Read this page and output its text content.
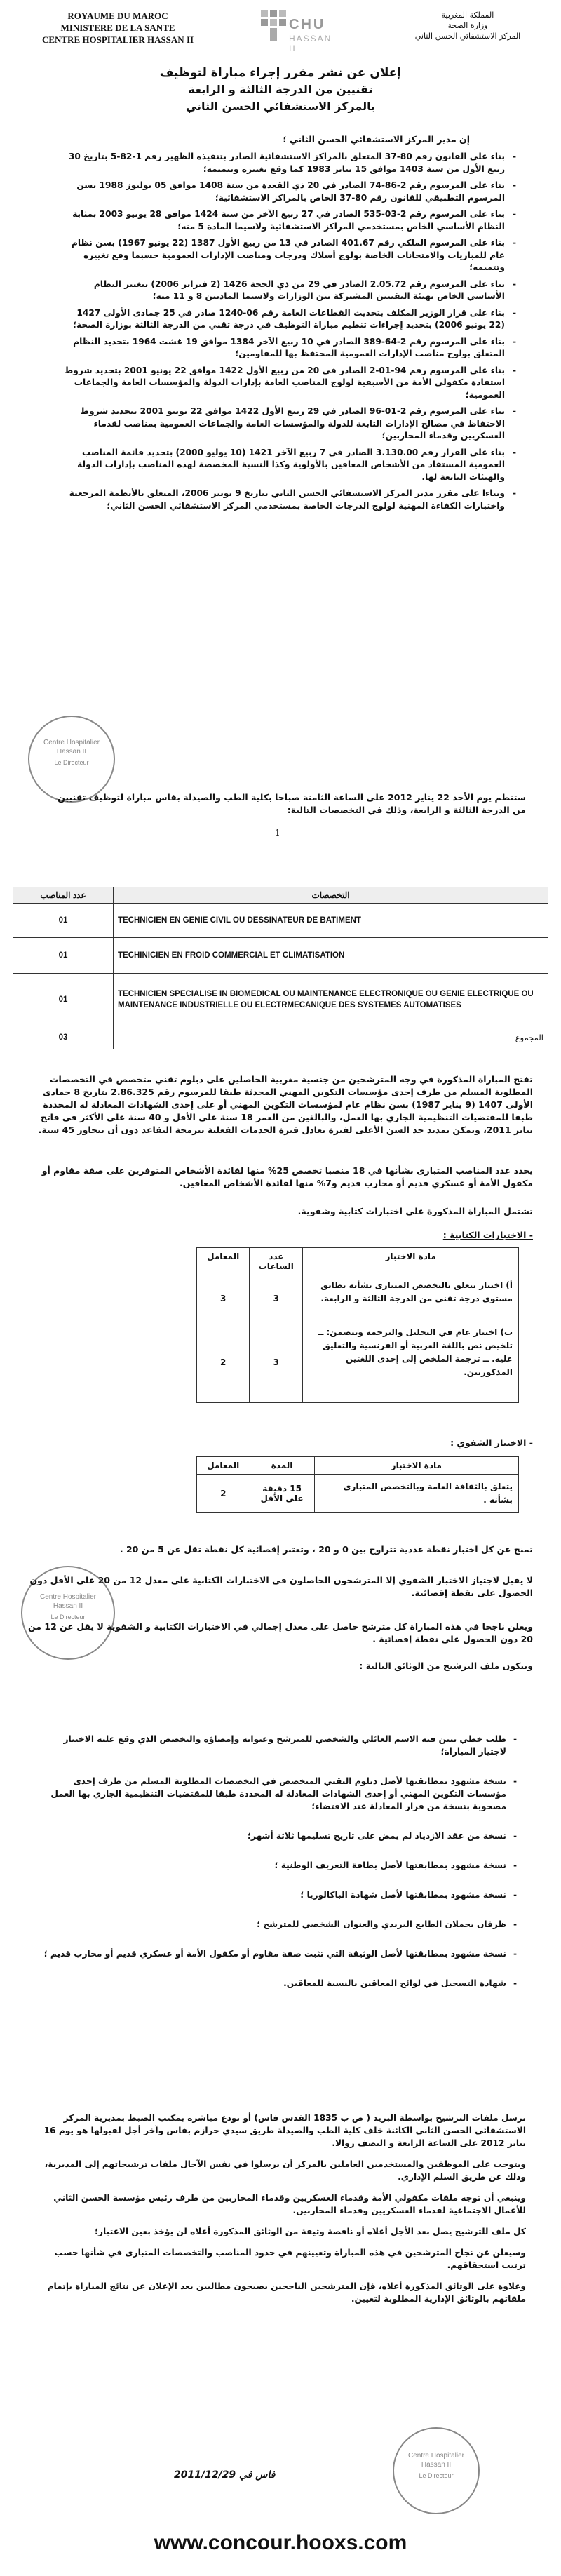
ROYAUME DU MAROC
MINISTERE DE LA SANTE
CENTRE HOSPITALIER HASSAN II
CHU
HASSAN II
المملكة المغربية
وزارة الصحة
المركز الاستشفائي الحسن الثاني
إعلان عن نشر مقرر إجراء مباراة لتوظيف
تقنيين من الدرجة الثالثة و الرابعة
بالمركز الاستشفائي الحسن الثاني
إن مدير المركز الاستشفائي الحسن الثاني ؛
- بناء على القانون رقم 80-37 المتعلق بالمراكز الاستشفائية الصادر بتنفيذه الظهير رقم 1-82-5 بتاريخ 30 ربيع الأول من سنة 1403 موافق 15 يناير 1983 كما وقع تغييره وتتميمه؛
- بناء على المرسوم رقم 2-86-74 الصادر في 20 ذي القعدة من سنة 1408 موافق 05 يوليوز 1988 بسن المرسوم التطبيقي للقانون رقم 80-37 الخاص بالمراكز الاستشفائية؛
- بناء على المرسوم رقم 2-03-535 الصادر في 27 ربيع الآخر من سنة 1424 موافق 28 يونيو 2003 بمثابة النظام الأساسي الخاص بمستخدمي المراكز الاستشفائية ولاسيما المادة 5 منه؛
- بناء على المرسوم الملكي رقم 401.67 الصادر في 13 من ربيع الأول 1387 (22 يونيو 1967) بسن نظام عام للمباريات والامتحانات الخاصة بولوج أسلاك ودرجات ومناصب الإدارات العمومية حسبما وقع تغييره وتتميمه؛
- بناء على المرسوم رقم 2.05.72 الصادر في 29 من ذي الحجة 1426 (2 فبراير 2006) بتغيير النظام الأساسي الخاص بهيئة التقنيين المشتركة بين الوزارات ولاسيما المادتين 8 و 11 منه؛
- بناء على قرار الوزير المكلف بتحديث القطاعات العامة رقم 06-1240 صادر في 25 جمادى الأولى 1427 (22 يونيو 2006) بتحديد إجراءات تنظيم مباراة التوظيف في درجة تقني من الدرجة الثالثة بوزارة الصحة؛
- بناء على المرسوم رقم 2-64-389 الصادر في 10 ربيع الآخر 1384 موافق 19 غشت 1964 بتحديد النظام المتعلق بولوج مناصب الإدارات العمومية المحتفظ بها للمقاومين؛
- بناء على المرسوم رقم 94-01-2 الصادر في 20 من ربيع الأول 1422 موافق 22 يونيو 2001 بتحديد شروط استفادة مكفولي الأمة من الأسبقية لولوج المناصب العامة بإدارات الدولة والمؤسسات العامة والجماعات العمومية؛
- بناء على المرسوم رقم 2-01-96 الصادر في 29 ربيع الأول 1422 موافق 22 يونيو 2001 بتحديد شروط الاحتفاظ في مصالح الإدارات التابعة للدولة والمؤسسات العامة والجماعات العمومية بمناصب لقدماء العسكريين وقدماء المحاربين؛
- بناء على القرار رقم 3.130.00 الصادر في 7 ربيع الآخر 1421 (10 يوليو 2000) بتحديد قائمة المناصب العمومية المستفاد من الأشخاص المعاقين بالأولوية وكذا النسبة المخصصة لهذه المناصب بإدارات الدولة والهيئات التابعة لها.
- وبناءا على مقرر مدير المركز الاستشفائي الحسن الثاني بتاريخ 9 نونبر 2006، المتعلق بالأنظمة المرجعية واختبارات الكفاءة المهنية لولوج الدرجات الخاصة بمستخدمي المركز الاستشفائي الحسن الثاني؛
Centre Hospitalier Hassan II
Le Directeur
ستنظم يوم الأحد 22 يناير 2012 على الساعة الثامنة صباحا بكلية الطب والصيدلة بفاس مباراة لتوظيف تقنيين من الدرجة الثالثة و الرابعة، وذلك في التخصصات التالية:
1
عدد المناصب	التخصصات
01	TECHNICIEN EN GENIE CIVIL OU DESSINATEUR DE BATIMENT
01	TECHINICIEN EN FROID COMMERCIAL ET CLIMATISATION
01	TECHNICIEN SPECIALISE IN BIOMEDICAL OU MAINTENANCE ELECTRONIQUE OU GENIE ELECTRIQUE OU MAINTENANCE INDUSTRIELLE OU ELECTRMECANIQUE DES SYSTEMES AUTOMATISES
03	المجموع
تفتح المباراة المذكورة في وجه المترشحين من جنسية مغربية الحاصلين على دبلوم تقني متخصص في التخصصات المطلوبة المسلم من طرف إحدى مؤسسات التكوين المهني المحدثة طبقا للمرسوم رقم 2.86.325 بتاريخ 8 جمادى الأولى 1407 (9 يناير 1987) بسن نظام عام لمؤسسات التكوين المهني أو على إحدى الشهادات المعادلة له المحددة طبقا للمقتضيات التنظيمية الجاري بها العمل، والبالغين من العمر 18 سنة على الأقل و 40 سنة على الأكثر في فاتح يناير 2011، ويمكن تمديد حد السن الأعلى لفترة تعادل فترة الخدمات الفعلية ببرمجة التقاعد دون أن يتجاوز 45 سنة.
يحدد عدد المناصب المتبارى بشأنها في 18 منصبا تخصص 25% منها لفائدة الأشخاص المتوفرين على صفة مقاوم أو مكفول الأمة أو عسكري قديم أو محارب قديم و7% منها لفائدة الأشخاص المعاقين.
تشتمل المباراة المذكورة على اختبارات كتابية وشفوية.
- الاختبارات الكتابية :
مادة الاختبار	عدد الساعات	المعامل
أ) اختبار يتعلق بالتخصص المتبارى بشأنه يطابق مستوى درجة تقني من الدرجة الثالثة و الرابعة.	3	3
ب) اختبار عام في التحليل والترجمة ويتضمن: ــ تلخيص نص باللغة العربية أو الفرنسية والتعليق عليه. ــ ترجمة الملخص إلى إحدى اللغتين المذكورتين.	3	2
- الاختبار الشفوي :
مادة الاختبار	المدة	المعامل
يتعلق بالثقافة العامة وبالتخصص المتبارى بشأنه .	15 دقيقة على الأقل	2
Centre Hospitalier Hassan II
Le Directeur
تمنح عن كل اختبار نقطة عددية تتراوح بين 0 و 20 ، وتعتبر إقصائية كل نقطة تقل عن 5 من 20 .
لا يقبل لاجتياز الاختبار الشفوي إلا المترشحون الحاصلون في الاختبارات الكتابية على معدل 12 من 20 على الأقل دون الحصول على نقطة إقصائية.
ويعلن ناجحا في هذه المباراة كل مترشح حاصل على معدل إجمالي في الاختبارات الكتابية و الشفوية لا يقل عن 12 من 20 دون الحصول على نقطة إقصائية .
ويتكون ملف الترشيح من الوثائق التالية :
- طلب خطي يبين فيه الاسم العائلي والشخصي للمترشح وعنوانه وإمضاؤه والتخصص الذي وقع عليه الاختيار لاجتياز المباراة؛
- نسخة مشهود بمطابقتها لأصل دبلوم التقني المتخصص في التخصصات المطلوبة المسلم من طرف إحدى مؤسسات التكوين المهني أو إحدى الشهادات المعادلة له المحددة طبقا للمقتضيات التنظيمية الجاري بها العمل مصحوبة بنسخة من قرار المعادلة عند الاقتضاء؛
- نسخة من عقد الازدياد لم يمض على تاريخ تسليمها ثلاثة أشهر؛
- نسخة مشهود بمطابقتها لأصل بطاقة التعريف الوطنية ؛
- نسخة مشهود بمطابقتها لأصل شهادة الباكالوريا ؛
- ظرفان يحملان الطابع البريدي والعنوان الشخصي للمترشح ؛
- نسخة مشهود بمطابقتها لأصل الوثيقة التي تثبت صفة مقاوم أو مكفول الأمة أو عسكري قديم أو محارب قديم ؛
- شهادة التسجيل في لوائح المعاقين بالنسبة للمعاقين.

ترسل ملفات الترشيح بواسطة البريد ( ص ب 1835 القدس فاس) أو تودع مباشرة بمكتب الضبط بمديرية المركز الاستشفائي الحسن الثاني الكائنة خلف كلية الطب والصيدلة طريق سيدي حرازم بفاس وآخر أجل لقبولها هو يوم 16 يناير 2012 على الساعة الرابعة و النصف زوالا.

ويتوجب على الموظفين والمستخدمين العاملين بالمركز أن يرسلوا في نفس الآجال ملفات ترشيحاتهم إلى المديرية، وذلك عن طريق السلم الإداري.

وينبغي أن توجه ملفات مكفولي الأمة وقدماء العسكريين وقدماء المحاربين من طرف رئيس مؤسسة الحسن الثاني للأعمال الاجتماعية لقدماء العسكريين وقدماء المحاربين.

كل ملف للترشيح يصل بعد الأجل أعلاه أو ناقصة وثيقة من الوثائق المذكورة أعلاه لن يؤخذ بعين الاعتبار؛

وسيعلن عن نجاح المترشحين في هذه المباراة وتعيينهم في حدود المناصب والتخصصات المتبارى في شأنها حسب ترتيب استحقاقهم.

وعلاوة على الوثائق المذكورة أعلاه، فإن المترشحين الناجحين يصبحون مطالبين بعد الإعلان عن نتائج المباراة بإتمام ملفاتهم بالوثائق الإدارية المطلوبة لتعيين.

فاس في 2011/12/29
Centre Hospitalier Hassan II
Le Directeur
www.concour.hooxs.com
